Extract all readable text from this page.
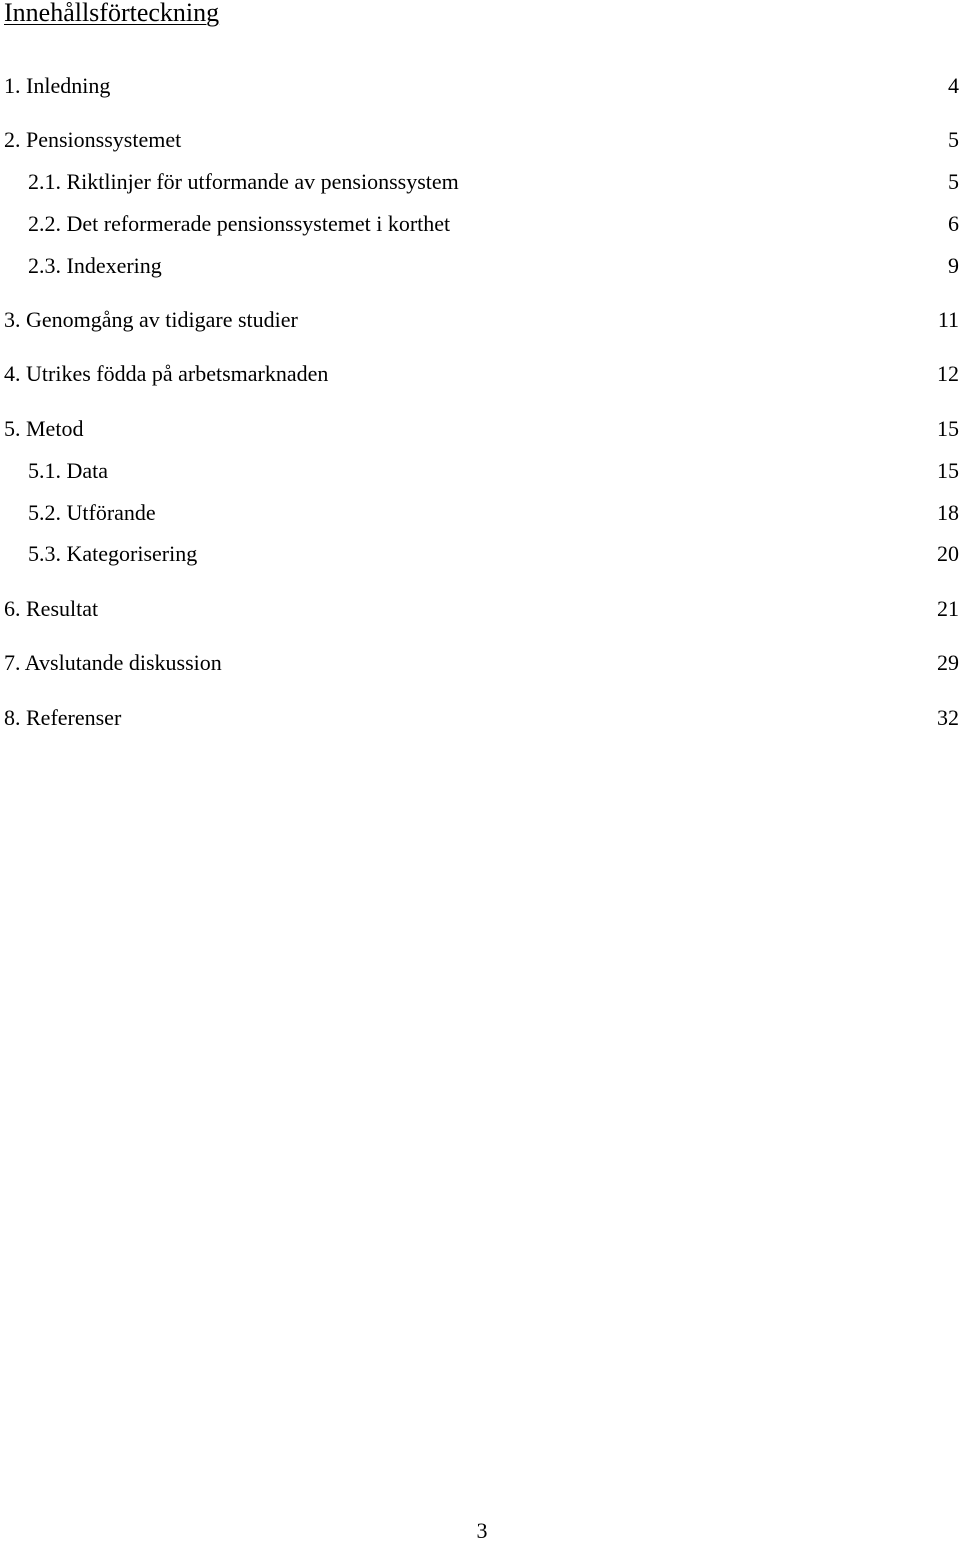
Innehållsförteckning
1. Inledning	4
2. Pensionssystemet	5
2.1. Riktlinjer för utformande av pensionssystem	5
2.2. Det reformerade pensionssystemet i korthet	6
2.3. Indexering	9
3. Genomgång av tidigare studier	11
4. Utrikes födda på arbetsmarknaden	12
5. Metod	15
5.1. Data	15
5.2. Utförande	18
5.3. Kategorisering	20
6. Resultat	21
7. Avslutande diskussion	29
8. Referenser	32
3
